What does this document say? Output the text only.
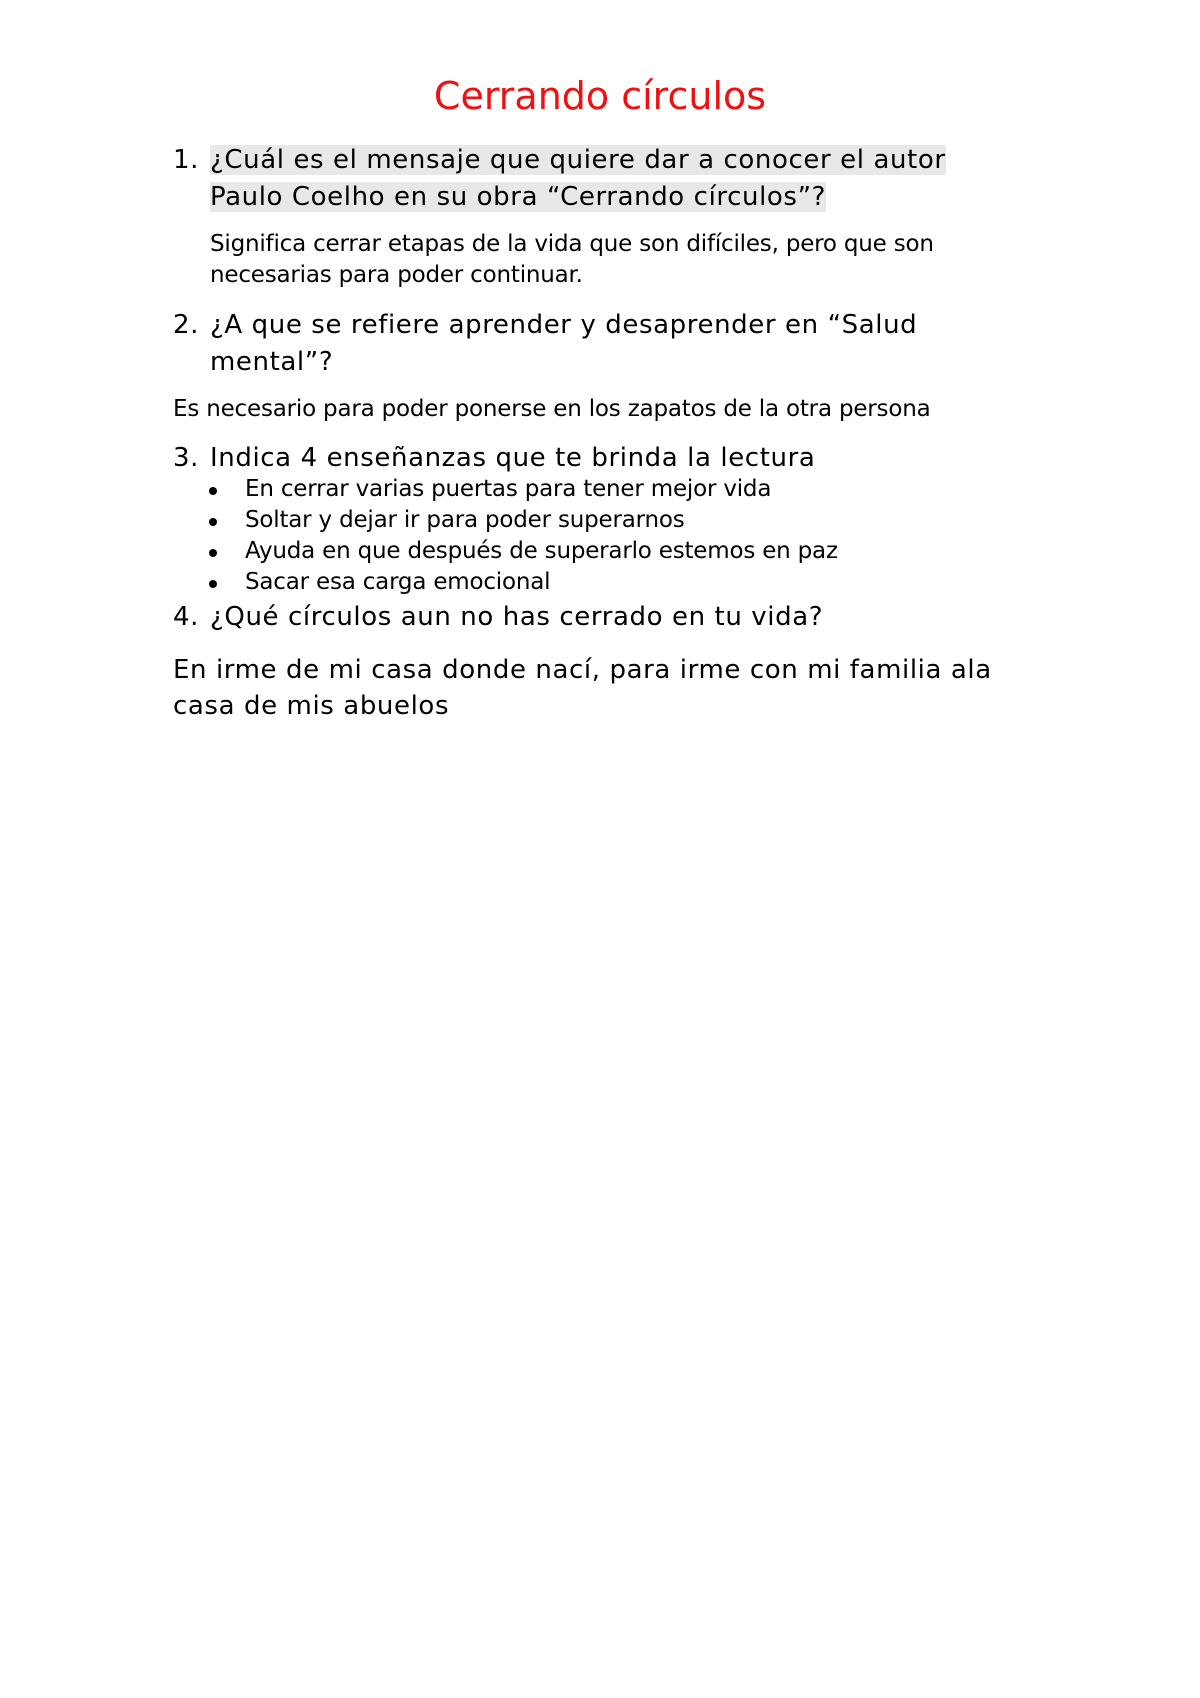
Cerrando círculos
1. ¿Cuál es el mensaje que quiere dar a conocer el autor
Paulo Coelho en su obra “Cerrando círculos”?
Significa cerrar etapas de la vida que son difíciles, pero que son
necesarias para poder continuar.
2. ¿A que se refiere aprender y desaprender en “Salud
mental”?
Es necesario para poder ponerse en los zapatos de la otra persona
3. Indica 4 enseñanzas que te brinda la lectura
En cerrar varias puertas para tener mejor vida
Soltar y dejar ir para poder superarnos
Ayuda en que después de superarlo estemos en paz
Sacar esa carga emocional
4. ¿Qué círculos aun no has cerrado en tu vida?
En irme de mi casa donde nací, para irme con mi familia ala
casa de mis abuelos
